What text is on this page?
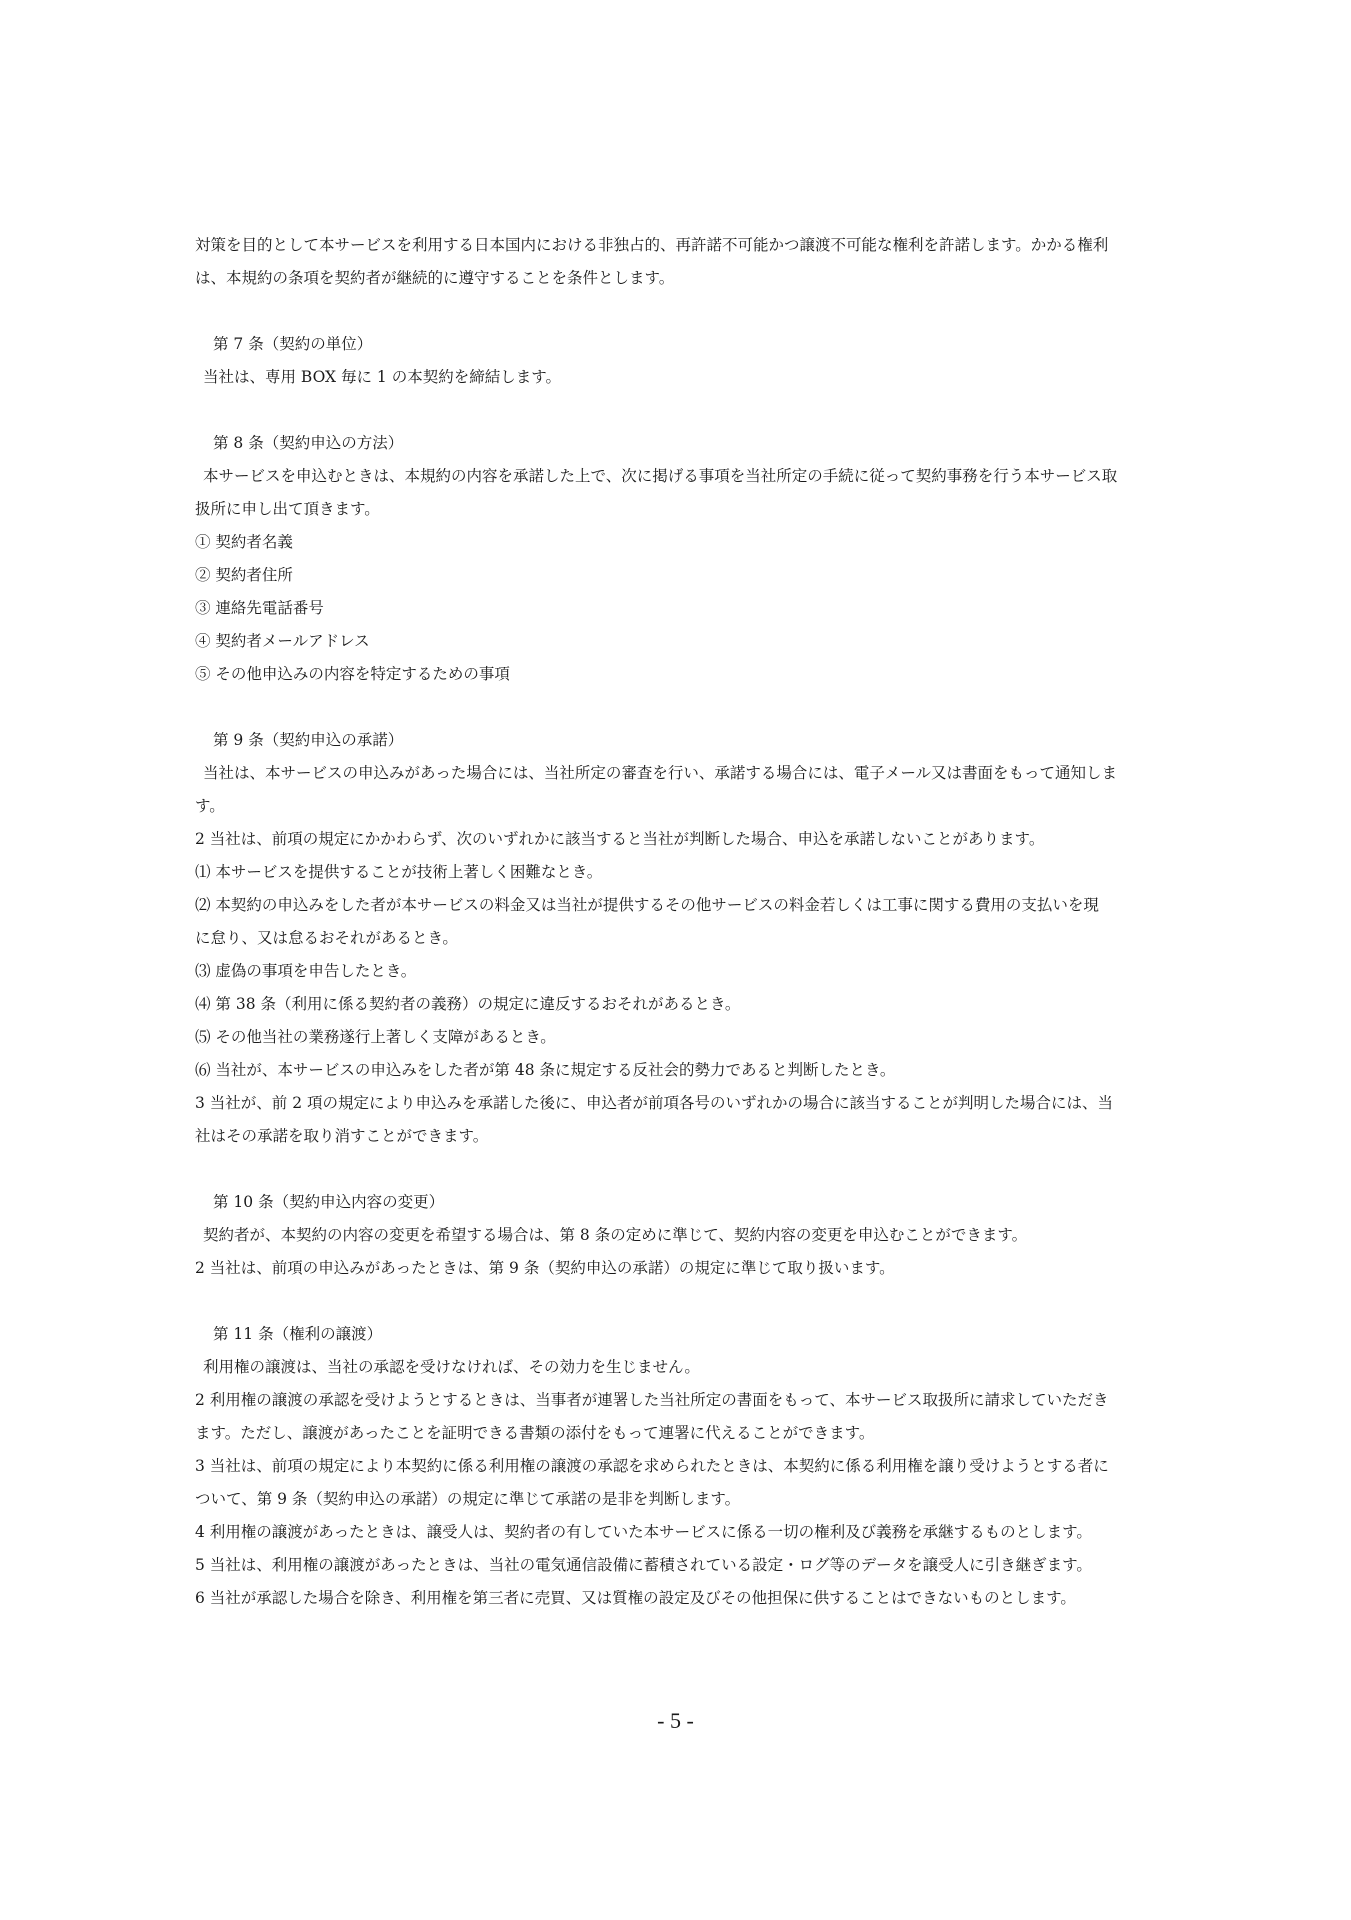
対策を目的として本サービスを利用する日本国内における非独占的、再許諾不可能かつ譲渡不可能な権利を許諾します。かかる権利

は、本規約の条項を契約者が継続的に遵守することを条件とします。

第 7 条（契約の単位）

当社は、専用 BOX 毎に 1 の本契約を締結します。

第 8 条（契約申込の方法）

本サービスを申込むときは、本規約の内容を承諾した上で、次に掲げる事項を当社所定の手続に従って契約事務を行う本サービス取

扱所に申し出て頂きます。

① 契約者名義

② 契約者住所

③ 連絡先電話番号

④ 契約者メールアドレス

⑤ その他申込みの内容を特定するための事項

第 9 条（契約申込の承諾）

当社は、本サービスの申込みがあった場合には、当社所定の審査を行い、承諾する場合には、電子メール又は書面をもって通知しま

す。

2 当社は、前項の規定にかかわらず、次のいずれかに該当すると当社が判断した場合、申込を承諾しないことがあります。

⑴ 本サービスを提供することが技術上著しく困難なとき。

⑵ 本契約の申込みをした者が本サービスの料金又は当社が提供するその他サービスの料金若しくは工事に関する費用の支払いを現

に怠り、又は怠るおそれがあるとき。

⑶ 虚偽の事項を申告したとき。

⑷ 第 38 条（利用に係る契約者の義務）の規定に違反するおそれがあるとき。

⑸ その他当社の業務遂行上著しく支障があるとき。

⑹ 当社が、本サービスの申込みをした者が第 48 条に規定する反社会的勢力であると判断したとき。

3 当社が、前 2 項の規定により申込みを承諾した後に、申込者が前項各号のいずれかの場合に該当することが判明した場合には、当

社はその承諾を取り消すことができます。

第 10 条（契約申込内容の変更）

契約者が、本契約の内容の変更を希望する場合は、第 8 条の定めに準じて、契約内容の変更を申込むことができます。

2 当社は、前項の申込みがあったときは、第 9 条（契約申込の承諾）の規定に準じて取り扱います。

第 11 条（権利の譲渡）

利用権の譲渡は、当社の承認を受けなければ、その効力を生じません。

2 利用権の譲渡の承認を受けようとするときは、当事者が連署した当社所定の書面をもって、本サービス取扱所に請求していただき

ます。ただし、譲渡があったことを証明できる書類の添付をもって連署に代えることができます。

3 当社は、前項の規定により本契約に係る利用権の譲渡の承認を求められたときは、本契約に係る利用権を譲り受けようとする者に

ついて、第 9 条（契約申込の承諾）の規定に準じて承諾の是非を判断します。

4 利用権の譲渡があったときは、譲受人は、契約者の有していた本サービスに係る一切の権利及び義務を承継するものとします。

5 当社は、利用権の譲渡があったときは、当社の電気通信設備に蓄積されている設定・ログ等のデータを譲受人に引き継ぎます。

6 当社が承認した場合を除き、利用権を第三者に売買、又は質権の設定及びその他担保に供することはできないものとします。

- 5 -
